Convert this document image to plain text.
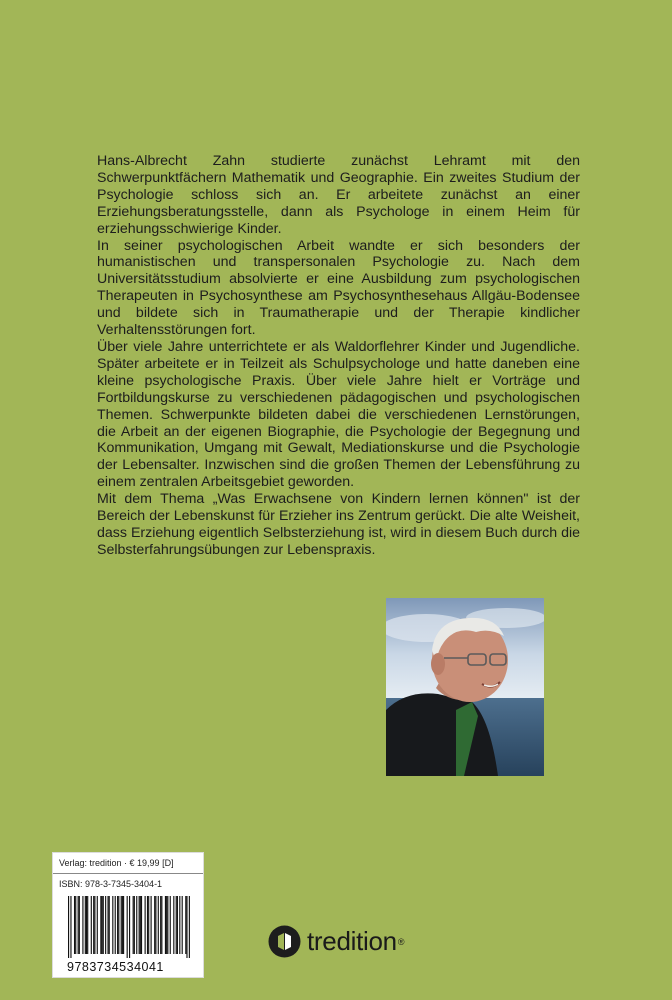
Hans-Albrecht Zahn studierte zunächst Lehramt mit den Schwerpunktfächern Mathematik und Geographie. Ein zweites Studium der Psychologie schloss sich an. Er arbeitete zunächst an einer Erziehungsberatungsstelle, dann als Psychologe in einem Heim für erziehungsschwierige Kinder.

In seiner psychologischen Arbeit wandte er sich besonders der humanistischen und transpersonalen Psychologie zu. Nach dem Universitätsstudium absolvierte er eine Ausbildung zum psychologischen Therapeuten in Psychosynthese am Psychosynthesehaus Allgäu-Bodensee und bildete sich in Traumatherapie und der Therapie kindlicher Verhaltensstörungen fort.

Über viele Jahre unterrichtete er als Waldorflehrer Kinder und Jugendliche. Später arbeitete er in Teilzeit als Schulpsychologe und hatte daneben eine kleine psychologische Praxis. Über viele Jahre hielt er Vorträge und Fortbildungskurse zu verschiedenen pädagogischen und psychologischen Themen. Schwerpunkte bildeten dabei die verschiedenen Lernstörungen, die Arbeit an der eigenen Biographie, die Psychologie der Begegnung und Kommunikation, Umgang mit Gewalt, Mediationskurse und die Psychologie der Lebensalter. Inzwischen sind die großen Themen der Lebensführung zu einem zentralen Arbeitsgebiet geworden.

Mit dem Thema „Was Erwachsene von Kindern lernen können" ist der Bereich der Lebenskunst für Erzieher ins Zentrum gerückt. Die alte Weisheit, dass Erziehung eigentlich Selbsterziehung ist, wird in diesem Buch durch die Selbsterfahrungsübungen zur Lebenspraxis.

Verlag: tredition · € 19,99 [D]
ISBN: 978-3-7345-3404-1
9783734534041
tredition ®
